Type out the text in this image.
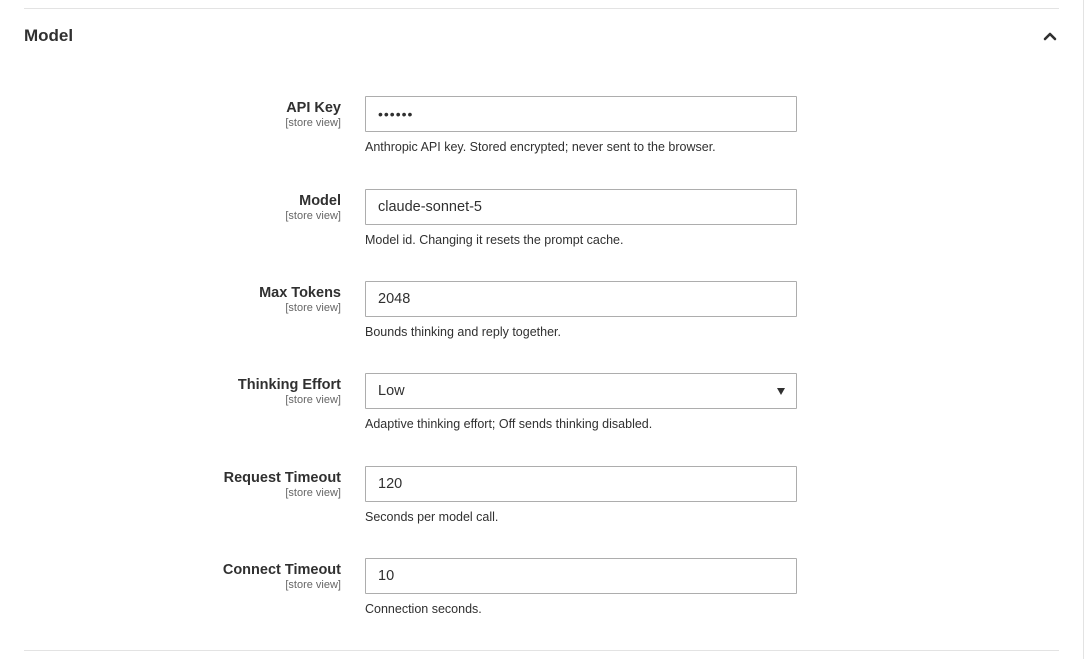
Model
API Key
[store view]
••••••
Anthropic API key. Stored encrypted; never sent to the browser.
Model
[store view]
claude-sonnet-5
Model id. Changing it resets the prompt cache.
Max Tokens
[store view]
2048
Bounds thinking and reply together.
Thinking Effort
[store view]
Low
Adaptive thinking effort; Off sends thinking disabled.
Request Timeout
[store view]
120
Seconds per model call.
Connect Timeout
[store view]
10
Connection seconds.
